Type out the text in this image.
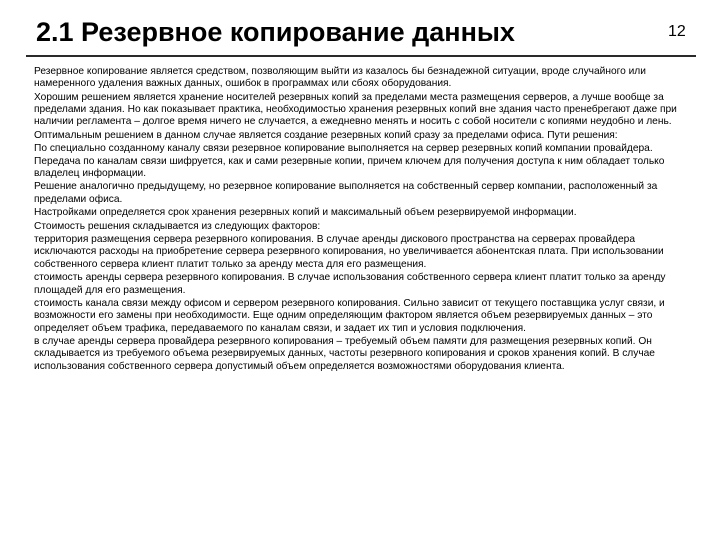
2.1 Резервное копирование данных	12
Резервное копирование является средством, позволяющим выйти из казалось бы безнадежной ситуации, вроде случайного или намеренного удаления важных данных, ошибок в программах или сбоях оборудования.
Хорошим решением является хранение носителей резервных копий за пределами места размещения серверов, а лучше вообще за пределами здания. Но как показывает практика, необходимостью хранения резервных копий вне здания часто пренебрегают даже при наличии регламента – долгое время ничего не случается, а ежедневно менять и носить с собой носители с копиями неудобно и лень.
Оптимальным решением в данном случае является создание резервных копий сразу за пределами офиса. Пути решения:
По специально созданному каналу связи резервное копирование выполняется на сервер резервных копий компании провайдера. Передача по каналам связи шифруется, как и сами резервные копии, причем ключем для получения доступа к ним обладает только владелец информации.
Решение аналогично предыдущему, но резервное копирование выполняется на собственный сервер компании, расположенный за пределами офиса.
Настройками определяется срок хранения резервных копий и максимальный объем резервируемой информации.
Стоимость решения складывается из следующих факторов:
территория размещения сервера резервного копирования. В случае аренды дискового пространства на серверах провайдера исключаются расходы на приобретение сервера резервного копирования, но увеличивается абонентская плата. При использовании собственного сервера клиент платит только за аренду места для его размещения.
стоимость аренды сервера резервного копирования. В случае использования собственного сервера клиент платит только за аренду площадей для его размещения.
стоимость канала связи между офисом и сервером резервного копирования. Сильно зависит от текущего поставщика услуг связи, и возможности его замены при необходимости. Еще одним определяющим фактором является объем резервируемых данных – это определяет объем трафика, передаваемого по каналам связи, и задает их тип и условия подключения.
в случае аренды сервера провайдера резервного копирования – требуемый объем памяти для размещения резервных копий. Он складывается из требуемого объема резервируемых данных, частоты резервного копирования и сроков хранения копий. В случае использования собственного сервера допустимый объем определяется возможностями оборудования клиента.
